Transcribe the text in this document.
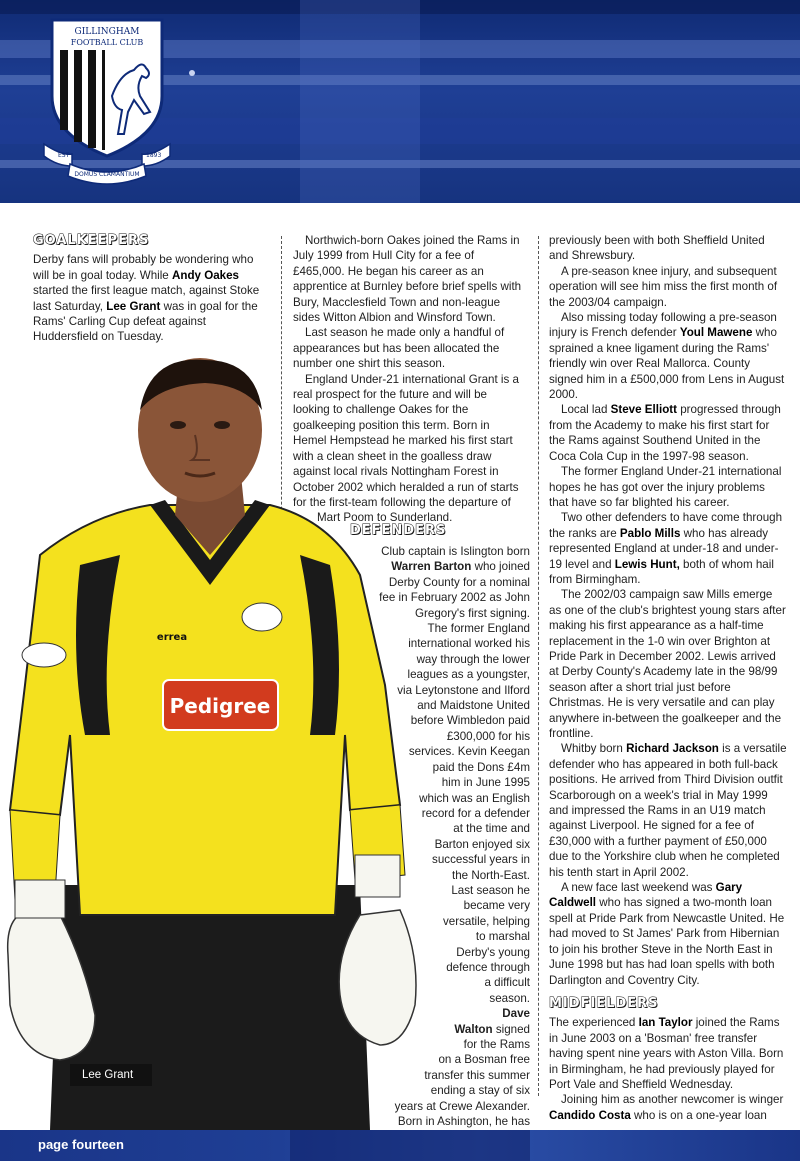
GILLINGHAM
FOOTBALL CLUB
EST	1893
DOMUS CLAMANTIUM
GOALKEEPERS

Derby fans will probably be wondering who will be in goal today. While Andy Oakes started the first league match, against Stoke last Saturday, Lee Grant was in goal for the Rams' Carling Cup defeat against Huddersfield on Tuesday.

Northwich-born Oakes joined the Rams in July 1999 from Hull City for a fee of £465,000. He began his career as an apprentice at Burnley before brief spells with Bury, Macclesfield Town and non-league sides Witton Albion and Winsford Town.

Last season he made only a handful of appearances but has been allocated the number one shirt this season.

England Under-21 international Grant is a real prospect for the future and will be looking to challenge Oakes for the goalkeeping position this term. Born in Hemel Hempstead he marked his first start with a clean sheet in the goalless draw against local rivals Nottingham Forest in October 2002 which heralded a run of starts for the first-team following the departure of

Mart Poom to Sunderland.

DEFENDERS
Club captain is Islington born
Warren Barton who joined
Derby County for a nominal
fee in February 2002 as John
Gregory's first signing.
The former England
international worked his
way through the lower
leagues as a youngster,
via Leytonstone and Ilford
and Maidstone United
before Wimbledon paid
£300,000 for his
services. Kevin Keegan
paid the Dons £4m
him in June 1995
which was an English
record for a defender
at the time and
Barton enjoyed six
successful years in
the North-East.
Last season he
became very
versatile, helping
to marshal
Derby's young
defence through
a difficult
season.
Dave
Walton signed
for the Rams
on a Bosman free
transfer this summer
ending a stay of six
years at Crewe Alexander.
Born in Ashington, he has

previously been with both Sheffield United and Shrewsbury.

A pre-season knee injury, and subsequent operation will see him miss the first month of the 2003/04 campaign.

Also missing today following a pre-season injury is French defender Youl Mawene who sprained a knee ligament during the Rams' friendly win over Real Mallorca. County signed him in a £500,000 from Lens in August 2000.

Local lad Steve Elliott progressed through from the Academy to make his first start for the Rams against Southend United in the Coca Cola Cup in the 1997-98 season.

The former England Under-21 international hopes he has got over the injury problems that have so far blighted his career.

Two other defenders to have come through the ranks are Pablo Mills who has already represented England at under-18 and under-19 level and Lewis Hunt, both of whom hail from Birmingham.

The 2002/03 campaign saw Mills emerge as one of the club's brightest young stars after making his first appearance as a half-time replacement in the 1-0 win over Brighton at Pride Park in December 2002. Lewis arrived at Derby County's Academy late in the 98/99 season after a short trial just before Christmas. He is very versatile and can play anywhere in-between the goalkeeper and the frontline.

Whitby born Richard Jackson is a versatile defender who has appeared in both full-back positions. He arrived from Third Division outfit Scarborough on a week's trial in May 1999 and impressed the Rams in an U19 match against Liverpool. He signed for a fee of £30,000 with a further payment of £50,000 due to the Yorkshire club when he completed his tenth start in April 2002.

A new face last weekend was Gary Caldwell who has signed a two-month loan spell at Pride Park from Newcastle United. He had moved to St James' Park from Hibernian to join his brother Steve in the North East in June 1998 but has had loan spells with both Darlington and Coventry City.

MIDFIELDERS

The experienced Ian Taylor joined the Rams in June 2003 on a 'Bosman' free transfer having spent nine years with Aston Villa. Born in Birmingham, he had previously played for Port Vale and Sheffield Wednesday.

Joining him as another newcomer is winger Candido Costa who is on a one-year loan

Pedigree
errea
Lee Grant
page fourteen
